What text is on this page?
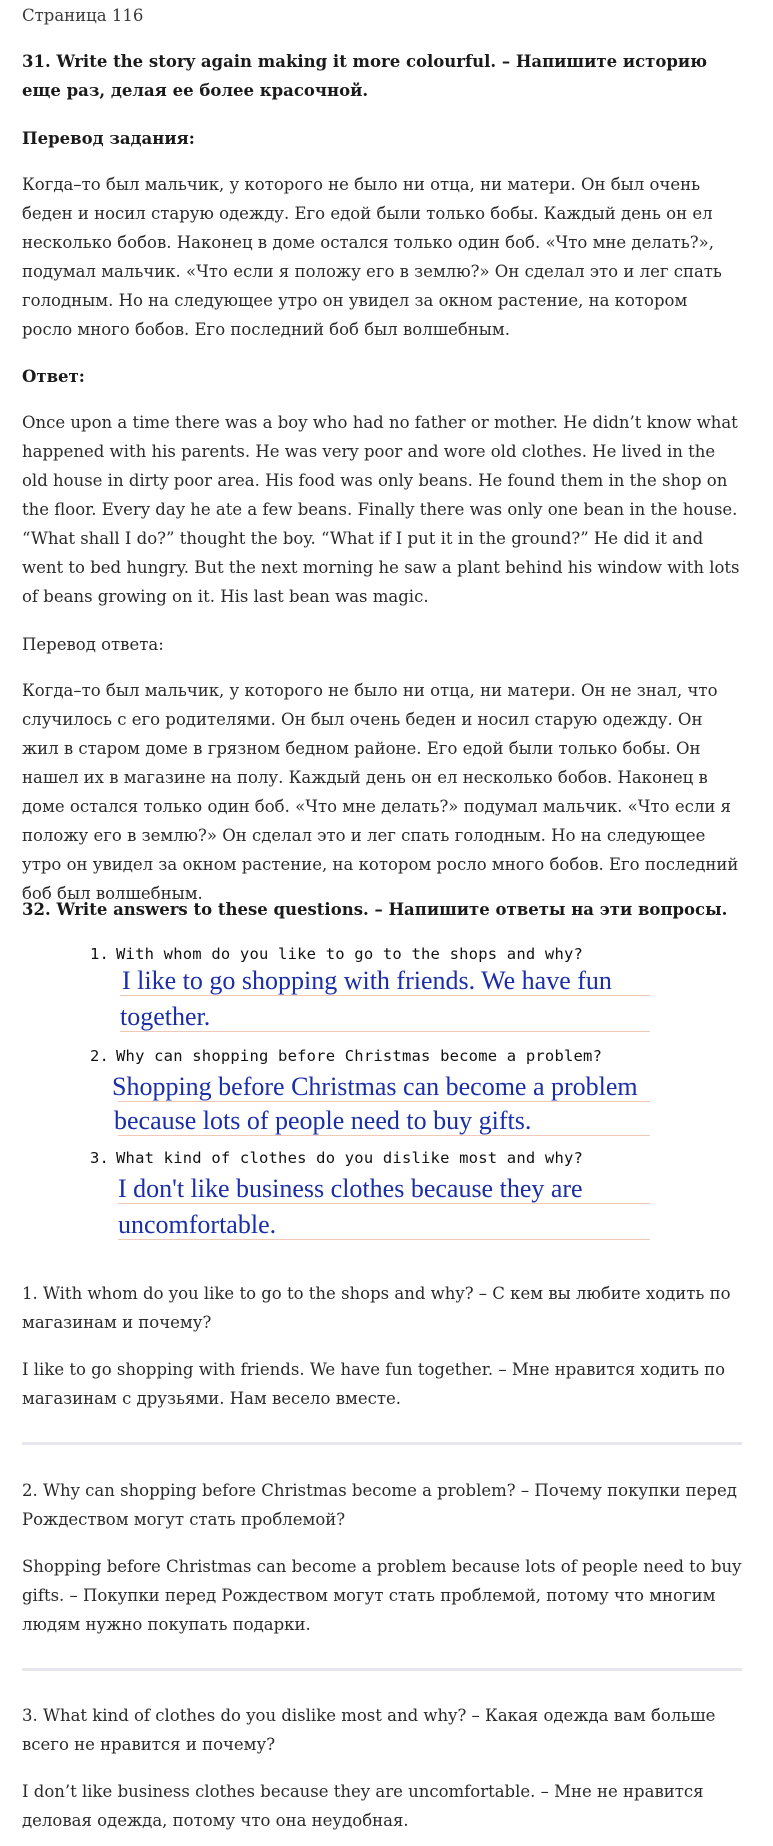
Страница 116

31. Write the story again making it more colourful. – Напишите историю еще раз, делая ее более красочной.

Перевод задания:

Когда–то был мальчик, у которого не было ни отца, ни матери. Он был очень беден и носил старую одежду. Его едой были только бобы. Каждый день он ел несколько бобов. Наконец в доме остался только один боб. «Что мне делать?», подумал мальчик. «Что если я положу его в землю?» Он сделал это и лег спать голодным. Но на следующее утро он увидел за окном растение, на котором росло много бобов. Его последний боб был волшебным.

Ответ:

Once upon a time there was a boy who had no father or mother. He didn’t know what happened with his parents. He was very poor and wore old clothes. He lived in the old house in dirty poor area. His food was only beans. He found them in the shop on the floor. Every day he ate a few beans. Finally there was only one bean in the house. “What shall I do?” thought the boy. “What if I put it in the ground?” He did it and went to bed hungry. But the next morning he saw a plant behind his window with lots of beans growing on it. His last bean was magic.

Перевод ответа:

Когда–то был мальчик, у которого не было ни отца, ни матери. Он не знал, что случилось с его родителями. Он был очень беден и носил старую одежду. Он жил в старом доме в грязном бедном районе. Его едой были только бобы. Он нашел их в магазине на полу. Каждый день он ел несколько бобов. Наконец в доме остался только один боб. «Что мне делать?» подумал мальчик. «Что если я положу его в землю?» Он сделал это и лег спать голодным. Но на следующее утро он увидел за окном растение, на котором росло много бобов. Его последний боб был волшебным.

32. Write answers to these questions. – Напишите ответы на эти вопросы.

1. With whom do you like to go to the shops and why?
I like to go shopping with friends. We have fun
together.
2. Why can shopping before Christmas become a problem?
Shopping before Christmas can become a problem
because lots of people need to buy gifts.
3. What kind of clothes do you dislike most and why?
I don't like business clothes because they are
uncomfortable.

1. With whom do you like to go to the shops and why? – С кем вы любите ходить по магазинам и почему?

I like to go shopping with friends. We have fun together. – Мне нравится ходить по магазинам с друзьями. Нам весело вместе.

2. Why can shopping before Christmas become a problem? – Почему покупки перед Рождеством могут стать проблемой?

Shopping before Christmas can become a problem because lots of people need to buy gifts. – Покупки перед Рождеством могут стать проблемой, потому что многим людям нужно покупать подарки.

3. What kind of clothes do you dislike most and why? – Какая одежда вам больше всего не нравится и почему?

I don’t like business clothes because they are uncomfortable. – Мне не нравится деловая одежда, потому что она неудобная.
